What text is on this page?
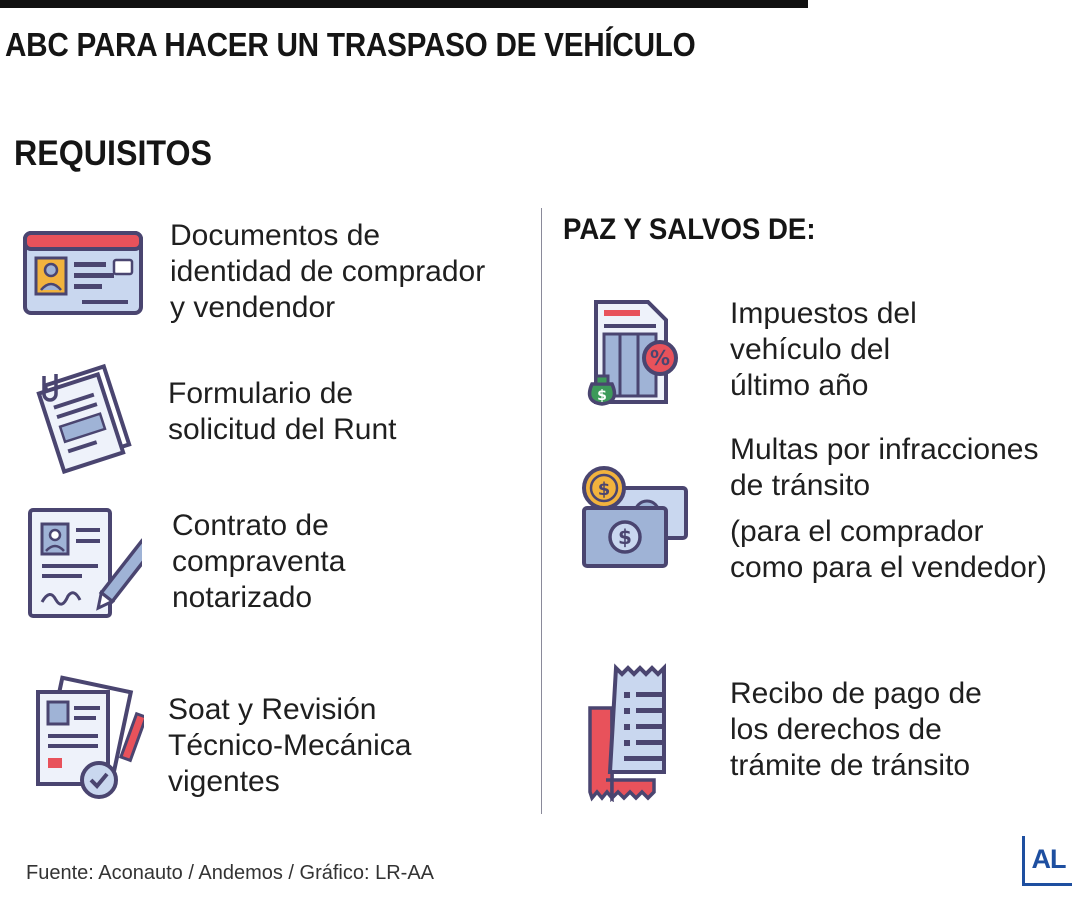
ABC PARA HACER UN TRASPASO DE VEHÍCULO
REQUISITOS
PAZ Y SALVOS DE:
Documentos de
identidad de comprador
y vendendor
Formulario de
solicitud del Runt
Contrato de
compraventa
notarizado
Soat y Revisión
Técnico-Mecánica
vigentes
%
$
Impuestos del
vehículo del
último año
$
$
Multas por infracciones
de tránsito
(para el comprador
como para el vendedor)
Recibo de pago de
los derechos de
trámite de tránsito
Fuente: Aconauto / Andemos / Gráfico: LR-AA	AL
